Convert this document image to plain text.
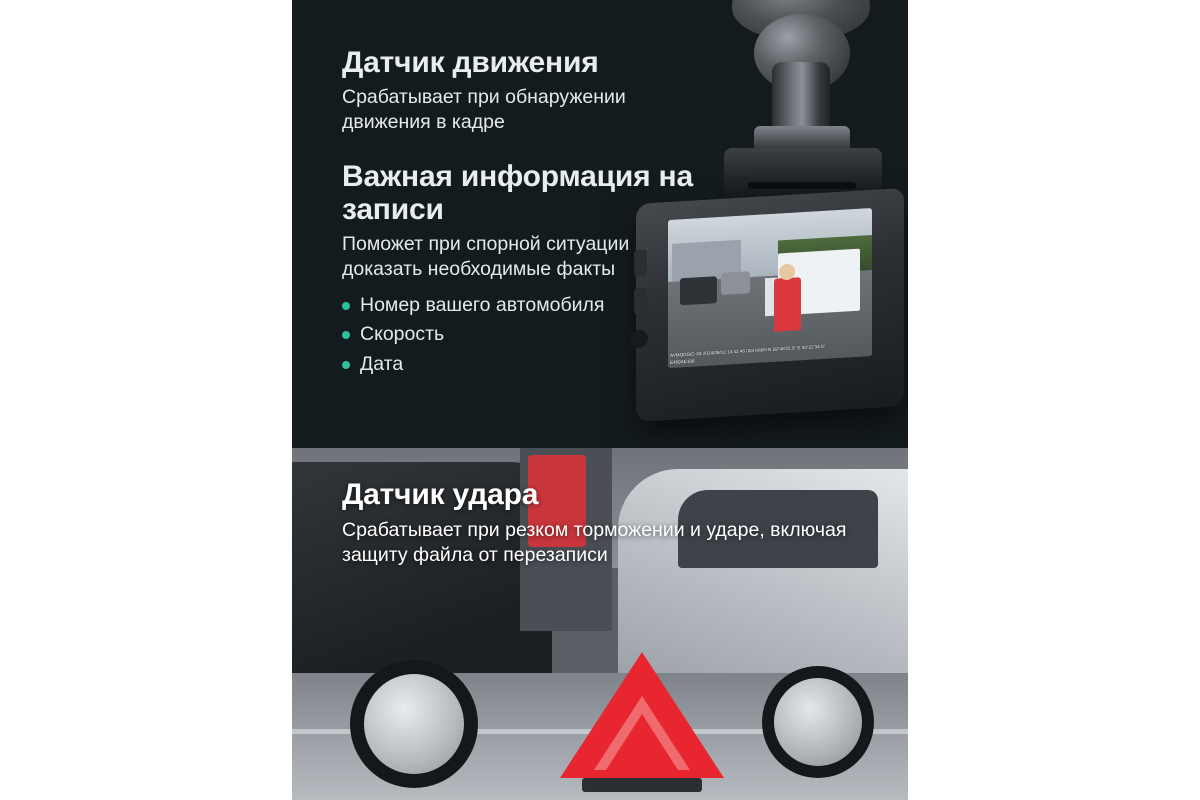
AVMODGID X9 2024/09/12 14:42:46 003 KM/H N 59°48'22.5" E 30°22'34.5"
E459AE198
Датчик движения
Срабатывает при обнаружении движения в кадре
Важная информация на записи
Поможет при спорной ситуации доказать необходимые факты
Номер вашего автомобиля
Скорость
Дата
Датчик удара
Срабатывает при резком торможении и ударе, включая защиту файла от перезаписи
